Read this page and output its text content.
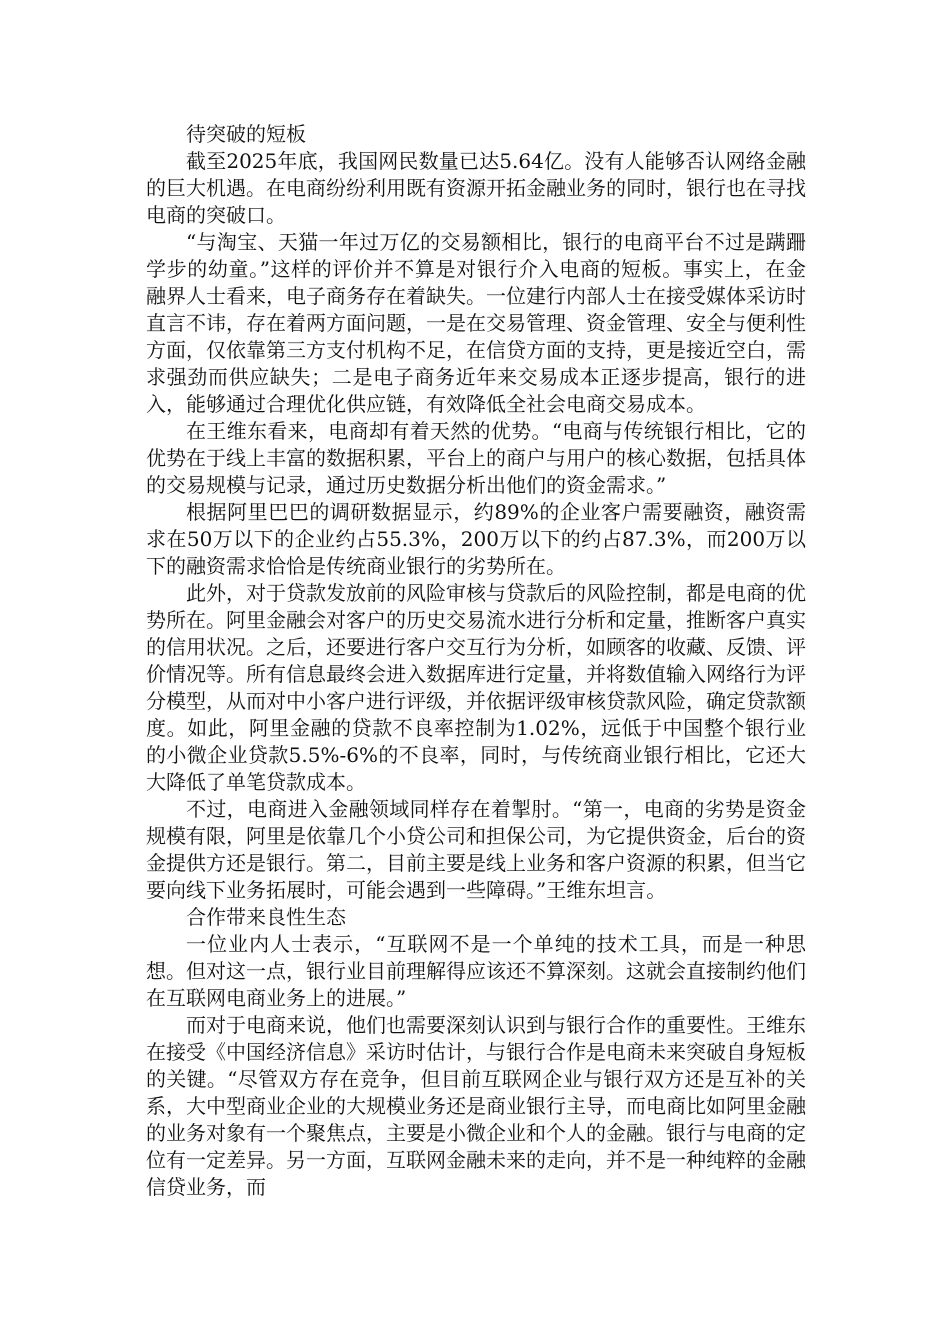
待突破的短板

截至2025年底，我国网民数量已达5.64亿。没有人能够否认网络金融的巨大机遇。在电商纷纷利用既有资源开拓金融业务的同时，银行也在寻找电商的突破口。

“与淘宝、天猫一年过万亿的交易额相比，银行的电商平台不过是蹒跚学步的幼童。”这样的评价并不算是对银行介入电商的短板。事实上，在金融界人士看来，电子商务存在着缺失。一位建行内部人士在接受媒体采访时直言不讳，存在着两方面问题，一是在交易管理、资金管理、安全与便利性方面，仅依靠第三方支付机构不足，在信贷方面的支持，更是接近空白，需求强劲而供应缺失；二是电子商务近年来交易成本正逐步提高，银行的进入，能够通过合理优化供应链，有效降低全社会电商交易成本。

在王维东看来，电商却有着天然的优势。“电商与传统银行相比，它的优势在于线上丰富的数据积累，平台上的商户与用户的核心数据，包括具体的交易规模与记录，通过历史数据分析出他们的资金需求。”

根据阿里巴巴的调研数据显示，约89%的企业客户需要融资，融资需求在50万以下的企业约占55.3%，200万以下的约占87.3%，而200万以下的融资需求恰恰是传统商业银行的劣势所在。

此外，对于贷款发放前的风险审核与贷款后的风险控制，都是电商的优势所在。阿里金融会对客户的历史交易流水进行分析和定量，推断客户真实的信用状况。之后，还要进行客户交互行为分析，如顾客的收藏、反馈、评价情况等。所有信息最终会进入数据库进行定量，并将数值输入网络行为评分模型，从而对中小客户进行评级，并依据评级审核贷款风险，确定贷款额度。如此，阿里金融的贷款不良率控制为1.02%，远低于中国整个银行业的小微企业贷款5.5%-6%的不良率，同时，与传统商业银行相比，它还大大降低了单笔贷款成本。

不过，电商进入金融领域同样存在着掣肘。“第一，电商的劣势是资金规模有限，阿里是依靠几个小贷公司和担保公司，为它提供资金，后台的资金提供方还是银行。第二，目前主要是线上业务和客户资源的积累，但当它要向线下业务拓展时，可能会遇到一些障碍。”王维东坦言。

合作带来良性生态

一位业内人士表示，“互联网不是一个单纯的技术工具，而是一种思想。但对这一点，银行业目前理解得应该还不算深刻。这就会直接制约他们在互联网电商业务上的进展。”

而对于电商来说，他们也需要深刻认识到与银行合作的重要性。王维东在接受《中国经济信息》采访时估计，与银行合作是电商未来突破自身短板的关键。“尽管双方存在竞争，但目前互联网企业与银行双方还是互补的关系，大中型商业企业的大规模业务还是商业银行主导，而电商比如阿里金融的业务对象有一个聚焦点，主要是小微企业和个人的金融。银行与电商的定位有一定差异。另一方面，互联网金融未来的走向，并不是一种纯粹的金融信贷业务，而
